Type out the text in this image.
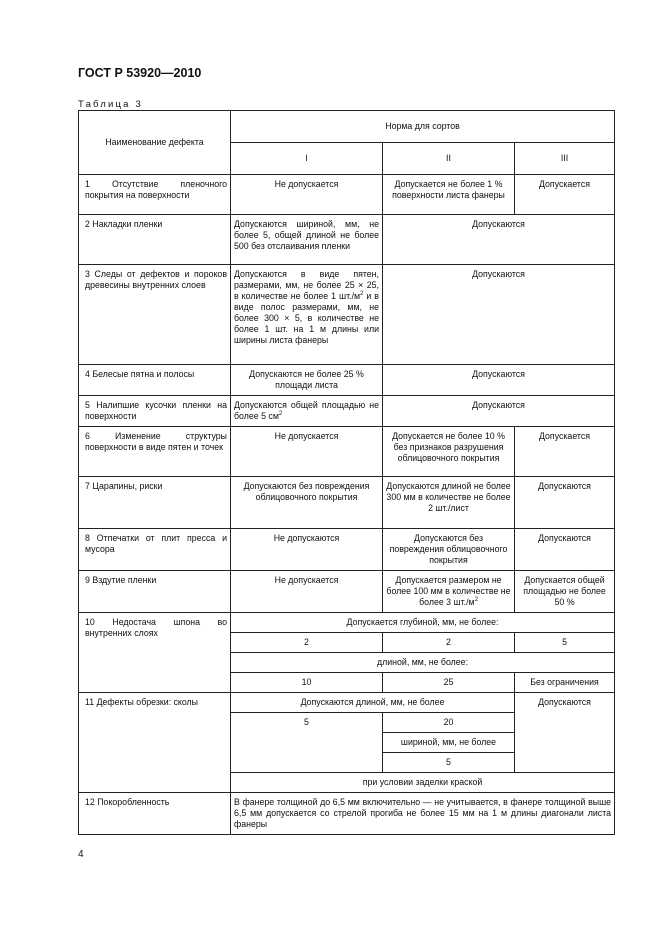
ГОСТ Р 53920—2010
Таблица 3
Наименование дефекта	Норма для сортов		
	I	II	III
1 Отсутствие пленочного покрытия на поверхности	Не допускается	Допускается не более 1 % поверхности листа фанеры	Допускается
2 Накладки пленки	Допускаются шириной, мм, не более 5, общей длиной не более 500 без отслаивания пленки	Допускаются	
3 Следы от дефектов и пороков древесины внутренних слоев	Допускаются в виде пятен, размерами, мм, не более 25 × 25, в количестве не более 1 $шт./м^2$ и в виде полос размерами, мм, не более 300 × 5, в количестве не более 1 шт. на 1 м длины или ширины листа фанеры	Допускаются	
4 Белесые пятна и полосы	Допускаются не более 25 % площади листа	Допускаются	
5 Налипшие кусочки пленки на поверхности	Допускаются общей площадью не более 5 $см^2$	Допускаются	
6 Изменение структуры поверхности в виде пятен и точек	Не допускается	Допускается не более 10 % без признаков разрушения облицовочного покрытия	Допускается
7 Царапины, риски	Допускаются без повреждения облицовочного покрытия	Допускаются длиной не более 300 мм в количестве не более 2 шт./лист	Допускаются
8 Отпечатки от плит пресса и мусора	Не допускаются	Допускаются без повреждения облицовочного покрытия	Допускаются
9 Вздутие пленки	Не допускается	Допускается размером не более 100 мм в количестве не более 3 $шт./м^2$	Допускается общей площадью не более 50 %
10 Недостача шпона во внутренних слоях	Допускается глубиной, мм, не более:		
	2	2	5
	длиной, мм, не более:		
	10	25	Без ограничения
11 Дефекты обрезки: сколы	Допускаются длиной, мм, не более		Допускаются
	5	20	
		шириной, мм, не более	
		5	
	при условии заделки краской		
12 Покоробленность	В фанере толщиной до 6,5 мм включительно — не учитывается, в фанере толщиной выше 6,5 мм допускается со стрелой прогиба не более 15 мм на 1 м длины диагонали листа фанеры		
4
